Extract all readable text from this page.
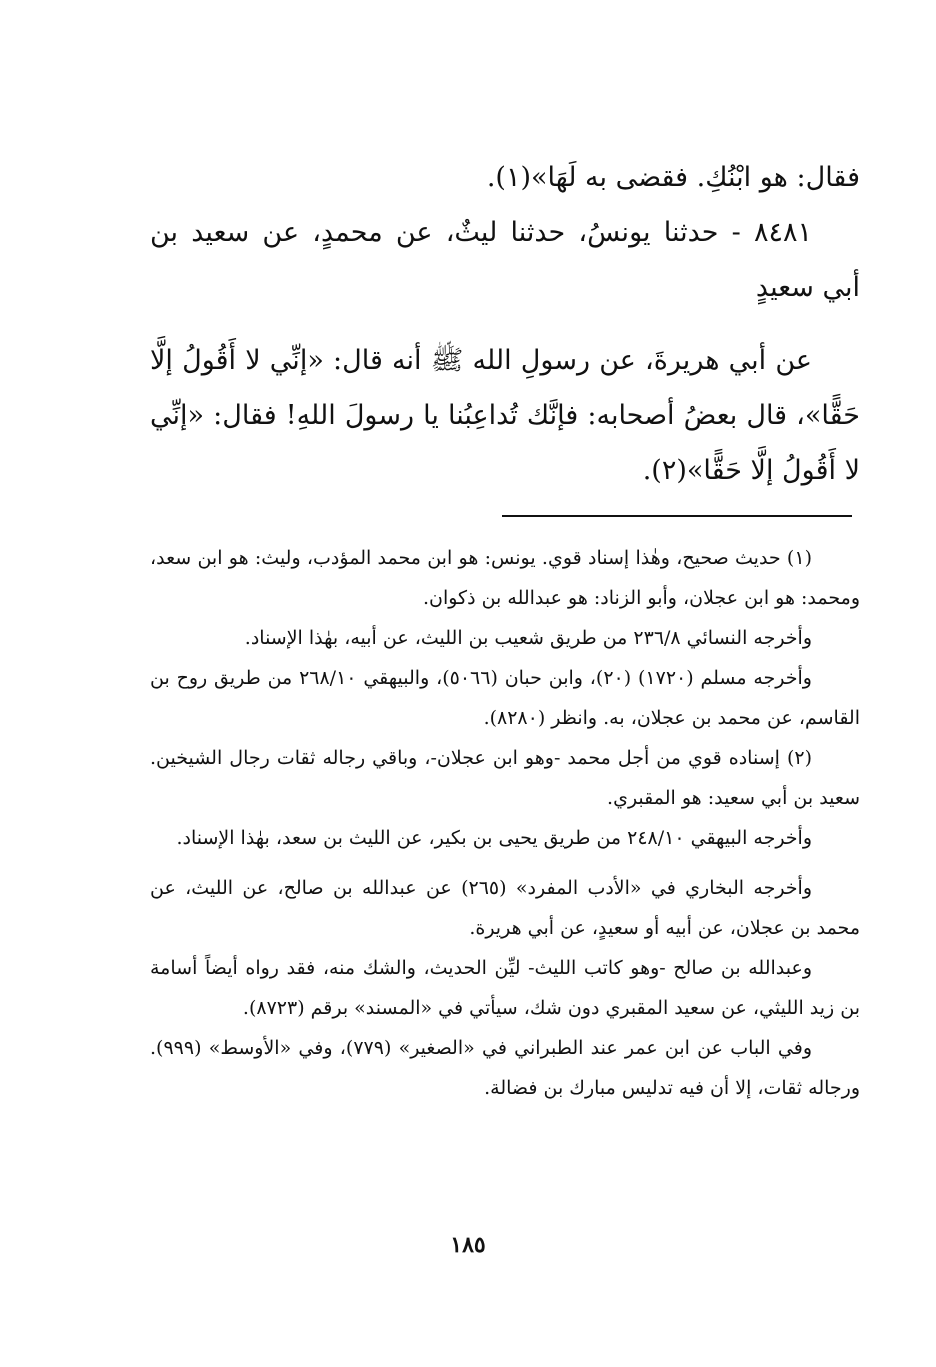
فقال: هو ابْنُكِ. فقضى به لَهَا»(١).

٨٤٨١ - حدثنا يونسُ، حدثنا ليثٌ، عن محمدٍ، عن سعيد بن أبي سعيدٍ

عن أبي هريرةَ، عن رسولِ الله ﷺ أنه قال: «إنِّي لا أَقُولُ إلَّا حَقًّا»، قال بعضُ أصحابه: فإنَّك تُداعِبُنا يا رسولَ اللهِ! فقال: «إنِّي لا أَقُولُ إلَّا حَقًّا»(٢).

(١) حديث صحيح، وهٰذا إسناد قوي. يونس: هو ابن محمد المؤدب، وليث: هو ابن سعد، ومحمد: هو ابن عجلان، وأبو الزناد: هو عبدالله بن ذكوان.

وأخرجه النسائي ٢٣٦/٨ من طريق شعيب بن الليث، عن أبيه، بهٰذا الإسناد.

وأخرجه مسلم (١٧٢٠) (٢٠)، وابن حبان (٥٠٦٦)، والبيهقي ٢٦٨/١٠ من طريق روح بن القاسم، عن محمد بن عجلان، به. وانظر (٨٢٨٠).

(٢) إسناده قوي من أجل محمد -وهو ابن عجلان-، وباقي رجاله ثقات رجال الشيخين. سعيد بن أبي سعيد: هو المقبري.

وأخرجه البيهقي ٢٤٨/١٠ من طريق يحيى بن بكير، عن الليث بن سعد، بهٰذا الإسناد.

وأخرجه البخاري في «الأدب المفرد» (٢٦٥) عن عبدالله بن صالح، عن الليث، عن محمد بن عجلان، عن أبيه أو سعيدٍ، عن أبي هريرة.

وعبدالله بن صالح -وهو كاتب الليث- ليِّن الحديث، والشك منه، فقد رواه أيضاً أسامة بن زيد الليثي، عن سعيد المقبري دون شك، سيأتي في «المسند» برقم (٨٧٢٣).

وفي الباب عن ابن عمر عند الطبراني في «الصغير» (٧٧٩)، وفي «الأوسط» (٩٩٩). ورجاله ثقات، إلا أن فيه تدليس مبارك بن فضالة.

١٨٥
